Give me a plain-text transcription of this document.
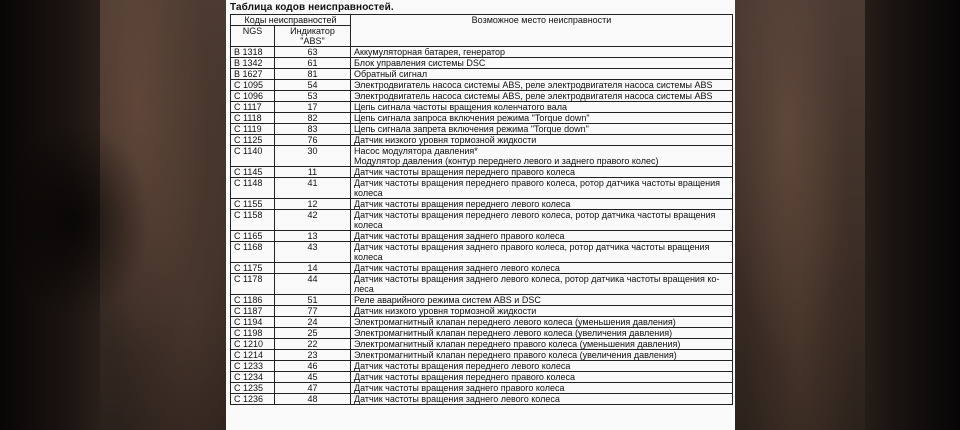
Таблица кодов неисправностей.
Коды неисправностей		Возможное место неисправности
NGS	Индикатор "ABS"	
B 1318	63	Аккумуляторная батарея, генератор

B 1342	61	Блок управления системы DSC

B 1627	81	Обратный сигнал

C 1095	54	Электродвигатель насоса системы ABS, реле электродвигателя насоса системы ABS

C 1096	53	Электродвигатель насоса системы ABS, реле электродвигателя насоса системы ABS

C 1117	17	Цепь сигнала частоты вращения коленчатого вала

C 1118	82	Цепь сигнала запроса включения режима "Torque down"

C 1119	83	Цепь сигнала запрета включения режима "Torque down"

C 1125	76	Датчик низкого уровня тормозной жидкости

C 1140	30	Насос модулятора давления*
Модулятор давления (контур переднего левого и заднего правого колес)

C 1145	11	Датчик частоты вращения переднего правого колеса

C 1148	41	Датчик частоты вращения переднего правого колеса, ротор датчика частоты вращения
колеса

C 1155	12	Датчик частоты вращения переднего левого колеса

C 1158	42	Датчик частоты вращения переднего левого колеса, ротор датчика частоты вращения
колеса

C 1165	13	Датчик частоты вращения заднего правого колеса

C 1168	43	Датчик частоты вращения заднего правого колеса, ротор датчика частоты вращения
колеса

C 1175	14	Датчик частоты вращения заднего левого колеса

C 1178	44	Датчик частоты вращения заднего левого колеса, ротор датчика частоты вращения ко-
леса

C 1186	51	Реле аварийного режима систем ABS и DSC

C 1187	77	Датчик низкого уровня тормозной жидкости

C 1194	24	Электромагнитный клапан переднего левого колеса (уменьшения давления)

C 1198	25	Электромагнитный клапан переднего левого колеса (увеличения давления)

C 1210	22	Электромагнитный клапан переднего правого колеса (уменьшения давления)

C 1214	23	Электромагнитный клапан переднего правого колеса (увеличения давления)

C 1233	46	Датчик частоты вращения переднего левого колеса

C 1234	45	Датчик частоты вращения переднего правого колеса

C 1235	47	Датчик частоты вращения заднего правого колеса

C 1236	48	Датчик частоты вращения заднего левого колеса
